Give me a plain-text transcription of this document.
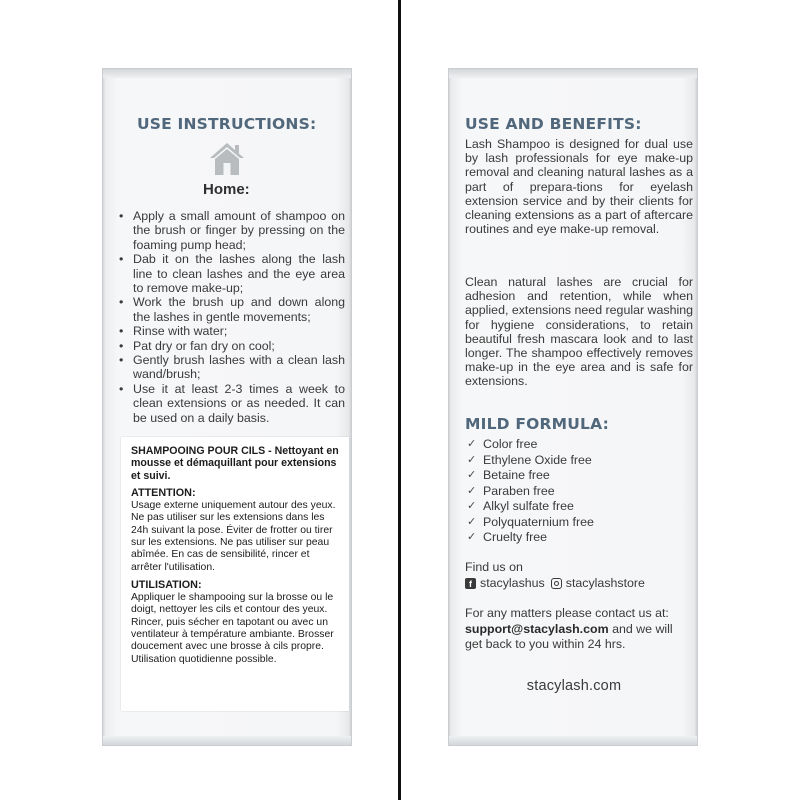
USE INSTRUCTIONS:
Home:
• Apply a small amount of shampoo on the brush or finger by pressing on the foaming pump head;
• Dab it on the lashes along the lash line to clean lashes and the eye area to remove make-up;
• Work the brush up and down along the lashes in gentle movements;
• Rinse with water;
• Pat dry or fan dry on cool;
• Gently brush lashes with a clean lash wand/brush;
• Use it at least 2-3 times a week to clean extensions or as needed. It can be used on a daily basis.
SHAMPOOING POUR CILS - Nettoyant en mousse et démaquillant pour extensions et suivi.
ATTENTION:
Usage externe uniquement autour des yeux. Ne pas utiliser sur les extensions dans les 24h suivant la pose. Éviter de frotter ou tirer sur les extensions. Ne pas utiliser sur peau abîmée. En cas de sensibilité, rincer et arrêter l'utilisation.
UTILISATION:
Appliquer le shampooing sur la brosse ou le doigt, nettoyer les cils et contour des yeux. Rincer, puis sécher en tapotant ou avec un ventilateur à température ambiante. Brosser doucement avec une brosse à cils propre. Utilisation quotidienne possible.
USE AND BENEFITS:
Lash Shampoo is designed for dual use by lash professionals for eye make-up removal and cleaning natural lashes as a part of prepara-tions for eyelash extension service and by their clients for cleaning extensions as a part of aftercare routines and eye make-up removal.
Clean natural lashes are crucial for adhesion and retention, while when applied, extensions need regular washing for hygiene considerations, to retain beautiful fresh mascara look and to last longer. The shampoo effectively removes make-up in the eye area and is safe for extensions.
MILD FORMULA:
✓ Color free
✓ Ethylene Oxide free
✓ Betaine free
✓ Paraben free
✓ Alkyl sulfate free
✓ Polyquaternium free
✓ Cruelty free
Find us on
f stacylashus stacylashstore
For any matters please contact us at: support@stacylash.com and we will get back to you within 24 hrs.
stacylash.com
